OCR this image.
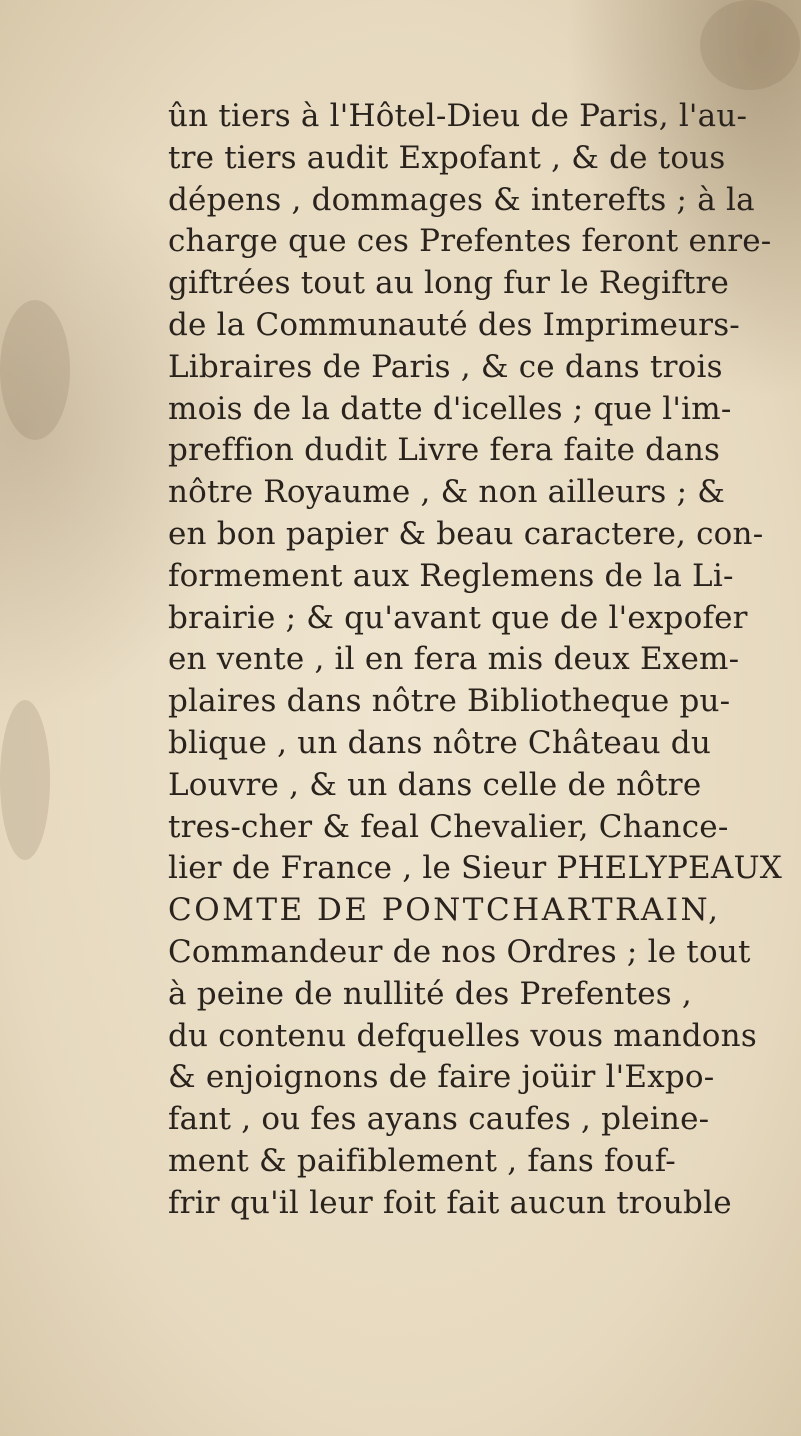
ûn tiers à l'Hôtel-Dieu de Paris, l'au-
tre tiers audit Expofant , & de tous
dépens , dommages & interefts ; à la
charge que ces Prefentes feront enre-
giftrées tout au long fur le Regiftre
de la Communauté des Imprimeurs-
Libraires de Paris , & ce dans trois
mois de la datte d'icelles ; que l'im-
preffion dudit Livre fera faite dans
nôtre Royaume , & non ailleurs ; &
en bon papier & beau caractere, con-
formement aux Reglemens de la Li-
brairie ; & qu'avant que de l'expofer
en vente , il en fera mis deux Exem-
plaires dans nôtre Bibliotheque pu-
blique , un dans nôtre Château du
Louvre , & un dans celle de nôtre
tres-cher & feal Chevalier, Chance-
lier de France , le Sieur PHELYPEAUX
COMTE DE PONTCHARTRAIN,
Commandeur de nos Ordres ; le tout
à peine de nullité des Prefentes ,
du contenu defquelles vous mandons
& enjoignons de faire joüir l'Expo-
fant , ou fes ayans caufes , pleine-
ment & paifiblement , fans fouf-
frir qu'il leur foit fait aucun trouble
